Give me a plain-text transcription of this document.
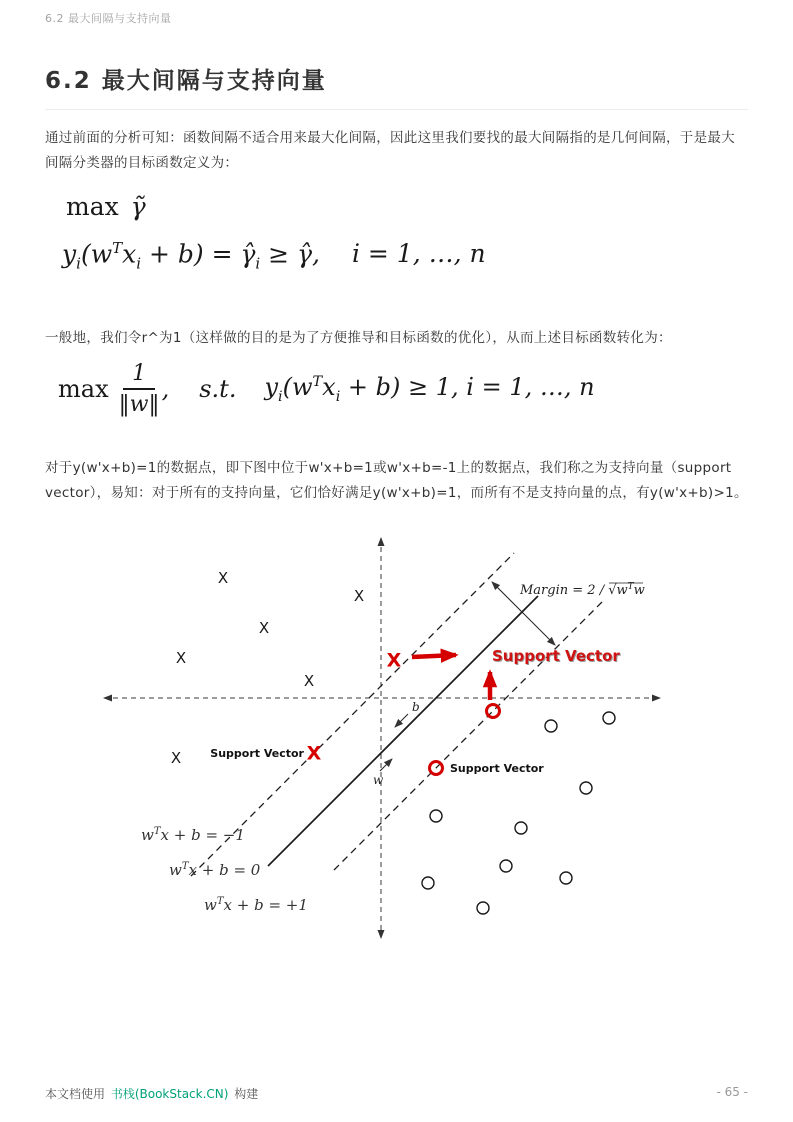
6.2 最大间隔与支持向量
6.2 最大间隔与支持向量

通过前面的分析可知：函数间隔不适合用来最大化间隔，因此这里我们要找的最大间隔指的是几何间隔，于是最大间隔分类器的目标函数定义为：

max γ̃
$y_i(w^Tx_i + b)$ = $\gammâ_i$ ≥ γ̂, i = 1, …, n

一般地，我们令r^为1（这样做的目的是为了方便推导和目标函数的优化），从而上述目标函数转化为：

$\max \frac{1}{‖w‖}$ , s.t. $y_i(w^Tx_i + b) \ge 1$, i = 1, …, n

对于y(w'x+b)=1的数据点，即下图中位于w'x+b=1或w'x+b=-1上的数据点，我们称之为支持向量（support vector），易知：对于所有的支持向量，它们恰好满足y(w'x+b)=1，而所有不是支持向量的点，有y(w'x+b)>1。

Margin = $2 / √w^Tw$
Support Vector
Support Vector
Support Vector
b
w
$w^Tx + b = -1$
$w^Tx + b = 0$
$w^Tx + b = +1$
X
X
X
X
X
X
X
X
本文档使用 书栈(BookStack.CN) 构建	- 65 -
